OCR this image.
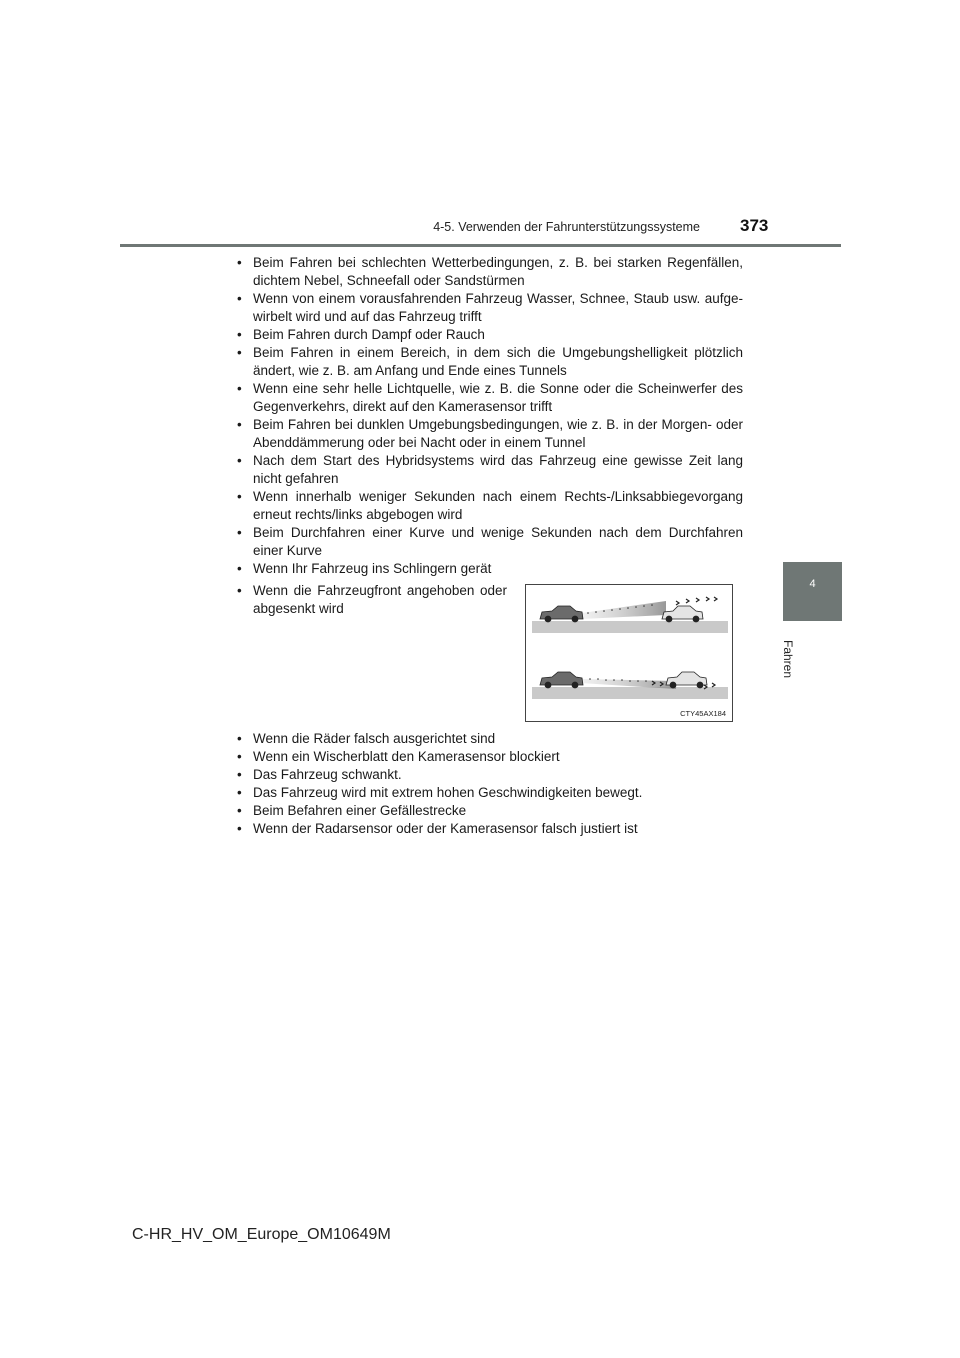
4-5. Verwenden der Fahrunterstützungssysteme 373
4
Fahren
• Beim Fahren bei schlechten Wetterbedingungen, z. B. bei starken Regenfällen, dichtem Nebel, Schneefall oder Sandstürmen
• Wenn von einem vorausfahrenden Fahrzeug Wasser, Schnee, Staub usw. aufge-wirbelt wird und auf das Fahrzeug trifft
• Beim Fahren durch Dampf oder Rauch
• Beim Fahren in einem Bereich, in dem sich die Umgebungshelligkeit plötzlich ändert, wie z. B. am Anfang und Ende eines Tunnels
• Wenn eine sehr helle Lichtquelle, wie z. B. die Sonne oder die Scheinwerfer des Gegenverkehrs, direkt auf den Kamerasensor trifft
• Beim Fahren bei dunklen Umgebungsbedingungen, wie z. B. in der Morgen- oder Abenddämmerung oder bei Nacht oder in einem Tunnel
• Nach dem Start des Hybridsystems wird das Fahrzeug eine gewisse Zeit lang nicht gefahren
• Wenn innerhalb weniger Sekunden nach einem Rechts-/Linksabbiegevorgang erneut rechts/links abgebogen wird
• Beim Durchfahren einer Kurve und wenige Sekunden nach dem Durchfahren einer Kurve
• Wenn Ihr Fahrzeug ins Schlingern gerät
• Wenn die Fahrzeugfront angehoben oder abgesenkt wird
CTY45AX184
• Wenn die Räder falsch ausgerichtet sind
• Wenn ein Wischerblatt den Kamerasensor blockiert
• Das Fahrzeug schwankt.
• Das Fahrzeug wird mit extrem hohen Geschwindigkeiten bewegt.
• Beim Befahren einer Gefällestrecke
• Wenn der Radarsensor oder der Kamerasensor falsch justiert ist
C-HR_HV_OM_Europe_OM10649M
